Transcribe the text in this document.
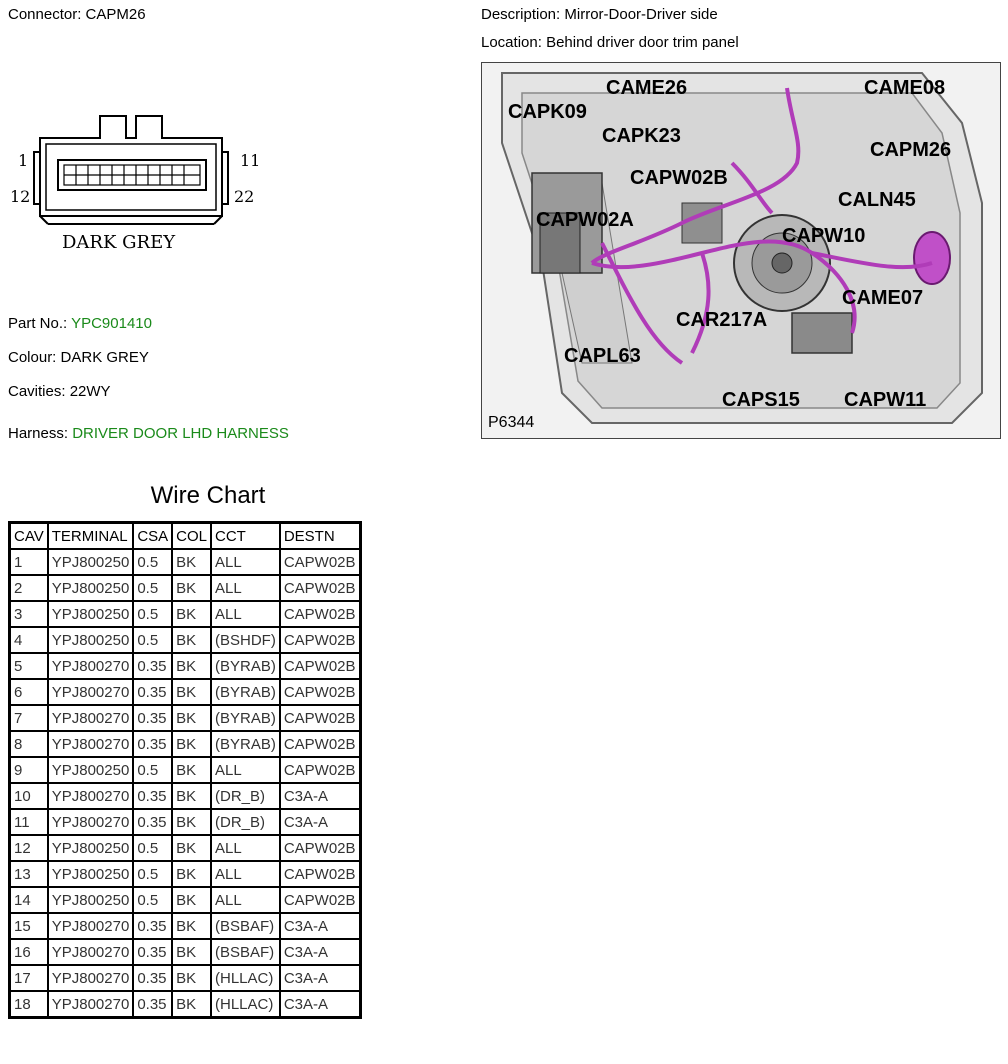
Connector: CAPM26	Description: Mirror-Door-Driver side
Location: Behind driver door trim panel
1
12
11
22
DARK GREY
CAME26	CAME08
CAPK09
CAPK23
CAPM26
CAPW02B
CALN45
CAPW02A
CAPW10
CAME07
CAR217A
CAPL63
CAPS15 CAPW11
P6344
Part No.: YPC901410
Colour: DARK GREY
Cavities: 22WY
Harness: DRIVER DOOR LHD HARNESS
Wire Chart
CAV	TERMINAL	CSA	COL	CCT	DESTN
1	YPJ800250	0.5	BK	ALL	CAPW02B
2	YPJ800250	0.5	BK	ALL	CAPW02B
3	YPJ800250	0.5	BK	ALL	CAPW02B
4	YPJ800250	0.5	BK	(BSHDF)	CAPW02B
5	YPJ800270	0.35	BK	(BYRAB)	CAPW02B
6	YPJ800270	0.35	BK	(BYRAB)	CAPW02B
7	YPJ800270	0.35	BK	(BYRAB)	CAPW02B
8	YPJ800270	0.35	BK	(BYRAB)	CAPW02B
9	YPJ800250	0.5	BK	ALL	CAPW02B
10	YPJ800270	0.35	BK	(DR_B)	C3A-A
11	YPJ800270	0.35	BK	(DR_B)	C3A-A
12	YPJ800250	0.5	BK	ALL	CAPW02B
13	YPJ800250	0.5	BK	ALL	CAPW02B
14	YPJ800250	0.5	BK	ALL	CAPW02B
15	YPJ800270	0.35	BK	(BSBAF)	C3A-A
16	YPJ800270	0.35	BK	(BSBAF)	C3A-A
17	YPJ800270	0.35	BK	(HLLAC)	C3A-A
18	YPJ800270	0.35	BK	(HLLAC)	C3A-A
